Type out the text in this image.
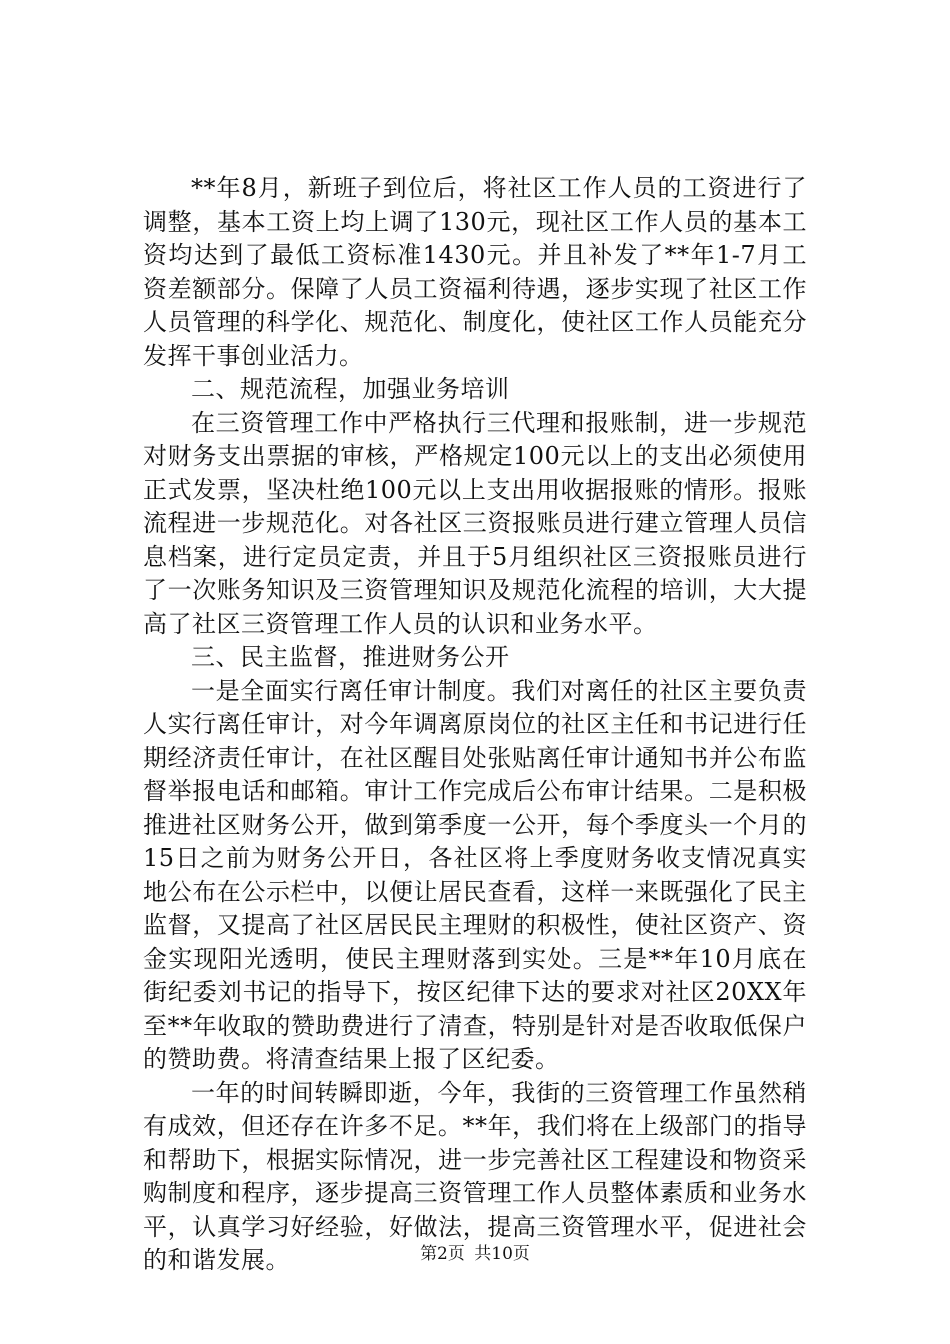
**年8月，新班子到位后，将社区工作人员的工资进行了调整，基本工资上均上调了130元，现社区工作人员的基本工资均达到了最低工资标准1430元。并且补发了**年1-7月工资差额部分。保障了人员工资福利待遇，逐步实现了社区工作人员管理的科学化、规范化、制度化，使社区工作人员能充分发挥干事创业活力。

二、规范流程，加强业务培训

在三资管理工作中严格执行三代理和报账制，进一步规范对财务支出票据的审核，严格规定100元以上的支出必须使用正式发票，坚决杜绝100元以上支出用收据报账的情形。报账流程进一步规范化。对各社区三资报账员进行建立管理人员信息档案，进行定员定责，并且于5月组织社区三资报账员进行了一次账务知识及三资管理知识及规范化流程的培训，大大提高了社区三资管理工作人员的认识和业务水平。

三、民主监督，推进财务公开

一是全面实行离任审计制度。我们对离任的社区主要负责人实行离任审计，对今年调离原岗位的社区主任和书记进行任期经济责任审计，在社区醒目处张贴离任审计通知书并公布监督举报电话和邮箱。审计工作完成后公布审计结果。二是积极推进社区财务公开，做到第季度一公开，每个季度头一个月的15日之前为财务公开日，各社区将上季度财务收支情况真实地公布在公示栏中，以便让居民查看，这样一来既强化了民主监督，又提高了社区居民民主理财的积极性，使社区资产、资金实现阳光透明，使民主理财落到实处。三是**年10月底在街纪委刘书记的指导下，按区纪律下达的要求对社区20XX年至**年收取的赞助费进行了清查，特别是针对是否收取低保户的赞助费。将清查结果上报了区纪委。

一年的时间转瞬即逝，今年，我街的三资管理工作虽然稍有成效，但还存在许多不足。**年，我们将在上级部门的指导和帮助下，根据实际情况，进一步完善社区工程建设和物资采购制度和程序，逐步提高三资管理工作人员整体素质和业务水平，认真学习好经验，好做法，提高三资管理水平，促进社会的和谐发展。	第2页 共10页
